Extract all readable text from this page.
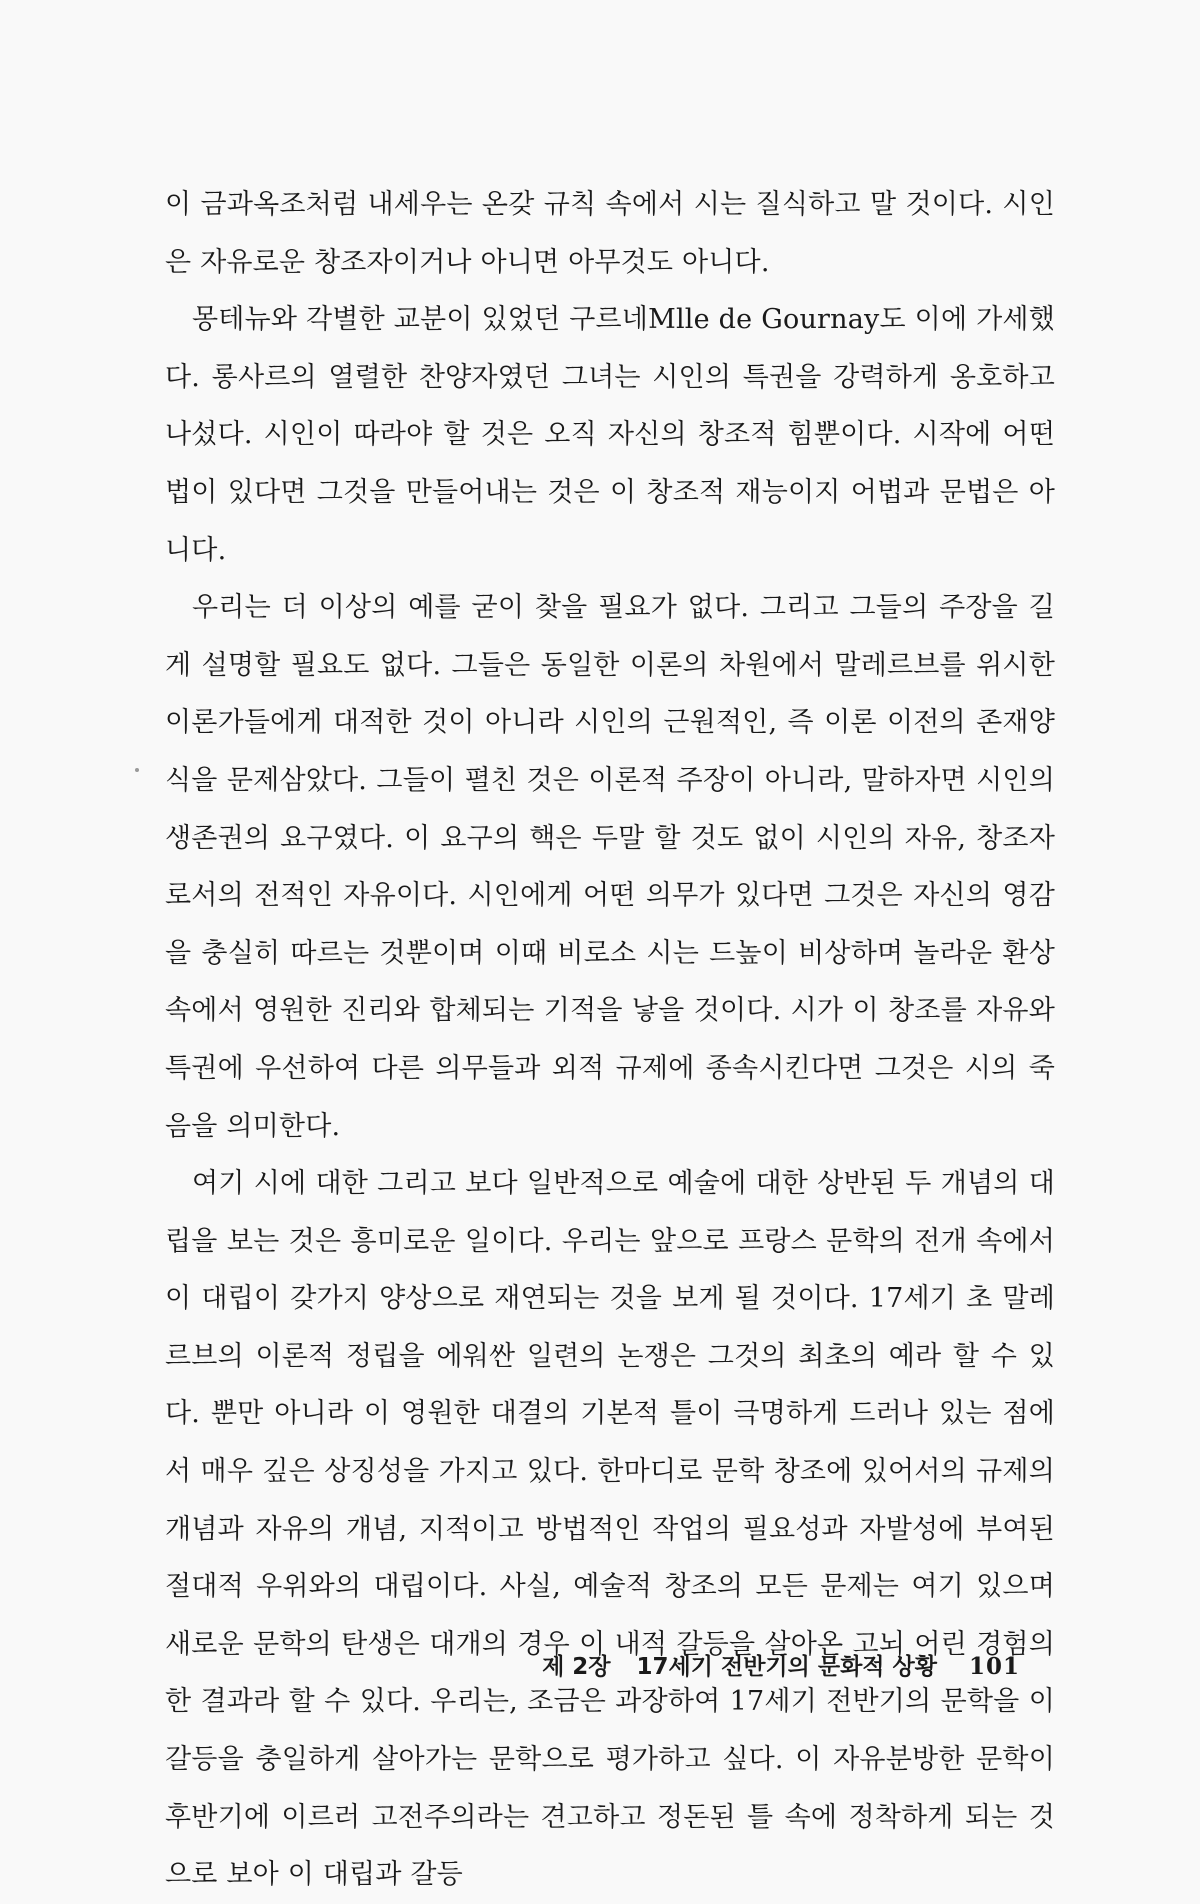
이 금과옥조처럼 내세우는 온갖 규칙 속에서 시는 질식하고 말 것이다. 시인은 자유로운 창조자이거나 아니면 아무것도 아니다.

몽테뉴와 각별한 교분이 있었던 구르네Mlle de Gournay도 이에 가세했다. 롱사르의 열렬한 찬양자였던 그녀는 시인의 특권을 강력하게 옹호하고 나섰다. 시인이 따라야 할 것은 오직 자신의 창조적 힘뿐이다. 시작에 어떤 법이 있다면 그것을 만들어내는 것은 이 창조적 재능이지 어법과 문법은 아니다.

우리는 더 이상의 예를 굳이 찾을 필요가 없다. 그리고 그들의 주장을 길게 설명할 필요도 없다. 그들은 동일한 이론의 차원에서 말레르브를 위시한 이론가들에게 대적한 것이 아니라 시인의 근원적인, 즉 이론 이전의 존재양식을 문제삼았다. 그들이 펼친 것은 이론적 주장이 아니라, 말하자면 시인의 생존권의 요구였다. 이 요구의 핵은 두말 할 것도 없이 시인의 자유, 창조자로서의 전적인 자유이다. 시인에게 어떤 의무가 있다면 그것은 자신의 영감을 충실히 따르는 것뿐이며 이때 비로소 시는 드높이 비상하며 놀라운 환상 속에서 영원한 진리와 합체되는 기적을 낳을 것이다. 시가 이 창조를 자유와 특권에 우선하여 다른 의무들과 외적 규제에 종속시킨다면 그것은 시의 죽음을 의미한다.

여기 시에 대한 그리고 보다 일반적으로 예술에 대한 상반된 두 개념의 대립을 보는 것은 흥미로운 일이다. 우리는 앞으로 프랑스 문학의 전개 속에서 이 대립이 갖가지 양상으로 재연되는 것을 보게 될 것이다. 17세기 초 말레르브의 이론적 정립을 에워싼 일련의 논쟁은 그것의 최초의 예라 할 수 있다. 뿐만 아니라 이 영원한 대결의 기본적 틀이 극명하게 드러나 있는 점에서 매우 깊은 상징성을 가지고 있다. 한마디로 문학 창조에 있어서의 규제의 개념과 자유의 개념, 지적이고 방법적인 작업의 필요성과 자발성에 부여된 절대적 우위와의 대립이다. 사실, 예술적 창조의 모든 문제는 여기 있으며 새로운 문학의 탄생은 대개의 경우 이 내적 갈등을 살아온 고뇌 어린 경험의 한 결과라 할 수 있다. 우리는, 조금은 과장하여 17세기 전반기의 문학을 이 갈등을 충일하게 살아가는 문학으로 평가하고 싶다. 이 자유분방한 문학이 후반기에 이르러 고전주의라는 견고하고 정돈된 틀 속에 정착하게 되는 것으로 보아 이 대립과 갈등

제 2장 17세기 전반기의 문화적 상황 101
